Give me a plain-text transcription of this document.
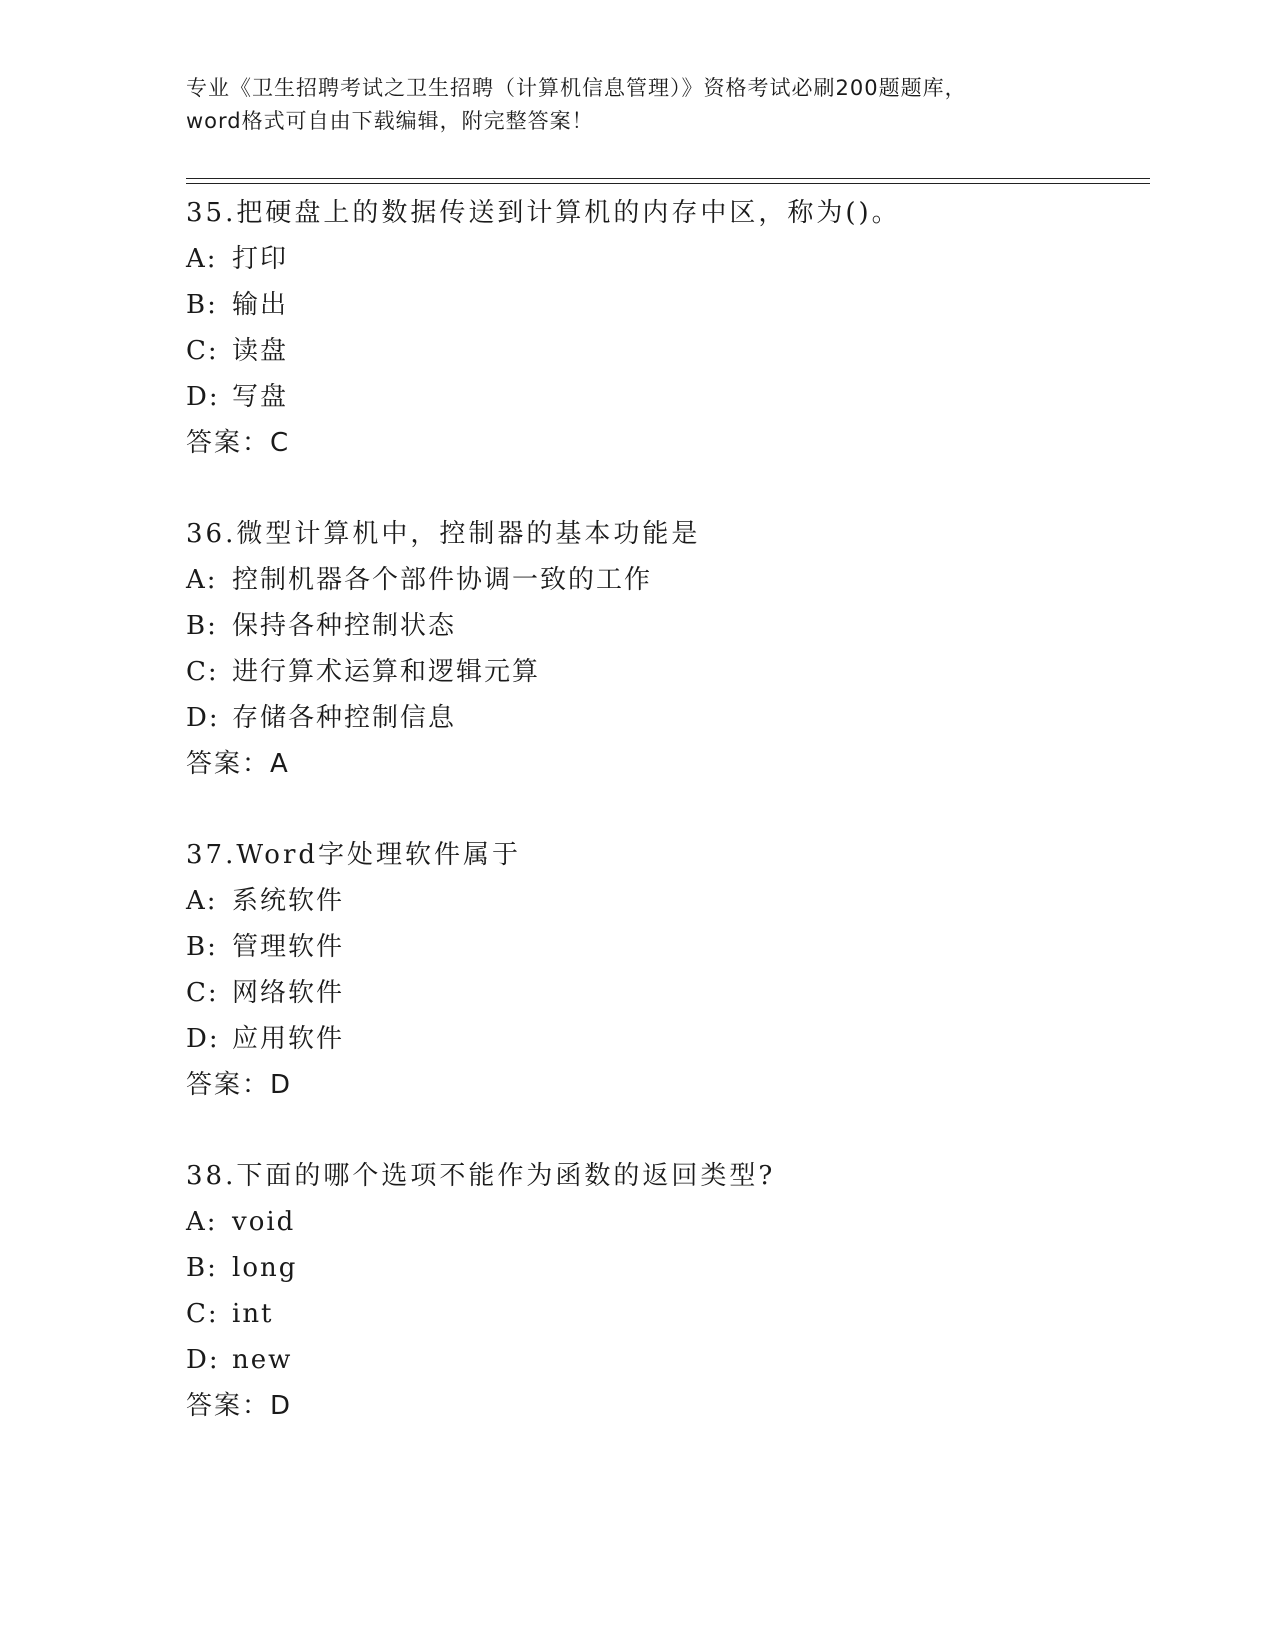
专业《卫生招聘考试之卫生招聘（计算机信息管理）》资格考试必刷200题题库，
word格式可自由下载编辑，附完整答案！
35.把硬盘上的数据传送到计算机的内存中区，称为()。
A: 打印
B: 输出
C: 读盘
D: 写盘
答案：C
36.微型计算机中，控制器的基本功能是
A: 控制机器各个部件协调一致的工作
B: 保持各种控制状态
C: 进行算术运算和逻辑元算
D: 存储各种控制信息
答案：A
37.Word字处理软件属于
A: 系统软件
B: 管理软件
C: 网络软件
D: 应用软件
答案：D
38.下面的哪个选项不能作为函数的返回类型?
A: void
B: long
C: int
D: new
答案：D
